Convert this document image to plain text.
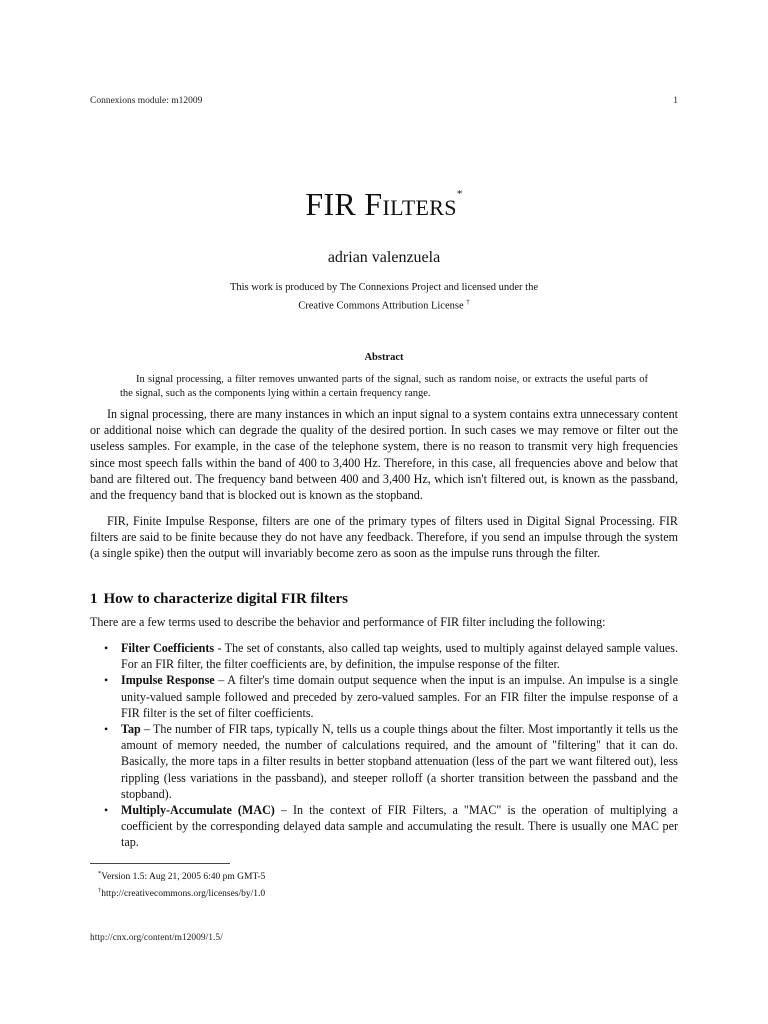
Connexions module: m12009	1
FIR Filters*
adrian valenzuela
This work is produced by The Connexions Project and licensed under the
Creative Commons Attribution License †
Abstract

In signal processing, a filter removes unwanted parts of the signal, such as random noise, or extracts the useful parts of the signal, such as the components lying within a certain frequency range.

In signal processing, there are many instances in which an input signal to a system contains extra unnecessary content or additional noise which can degrade the quality of the desired portion. In such cases we may remove or filter out the useless samples. For example, in the case of the telephone system, there is no reason to transmit very high frequencies since most speech falls within the band of 400 to 3,400 Hz. Therefore, in this case, all frequencies above and below that band are filtered out. The frequency band between 400 and 3,400 Hz, which isn't filtered out, is known as the passband, and the frequency band that is blocked out is known as the stopband.

FIR, Finite Impulse Response, filters are one of the primary types of filters used in Digital Signal Processing. FIR filters are said to be finite because they do not have any feedback. Therefore, if you send an impulse through the system (a single spike) then the output will invariably become zero as soon as the impulse runs through the filter.

1 How to characterize digital FIR filters

There are a few terms used to describe the behavior and performance of FIR filter including the following:

• Filter Coefficients - The set of constants, also called tap weights, used to multiply against delayed sample values. For an FIR filter, the filter coefficients are, by definition, the impulse response of the filter.
• Impulse Response – A filter's time domain output sequence when the input is an impulse. An impulse is a single unity-valued sample followed and preceded by zero-valued samples. For an FIR filter the impulse response of a FIR filter is the set of filter coefficients.
• Tap – The number of FIR taps, typically N, tells us a couple things about the filter. Most importantly it tells us the amount of memory needed, the number of calculations required, and the amount of "filtering" that it can do. Basically, the more taps in a filter results in better stopband attenuation (less of the part we want filtered out), less rippling (less variations in the passband), and steeper rolloff (a shorter transition between the passband and the stopband).
• Multiply-Accumulate (MAC) – In the context of FIR Filters, a "MAC" is the operation of multiplying a coefficient by the corresponding delayed data sample and accumulating the result. There is usually one MAC per tap.
*Version 1.5: Aug 21, 2005 6:40 pm GMT-5
†http://creativecommons.org/licenses/by/1.0
http://cnx.org/content/m12009/1.5/
